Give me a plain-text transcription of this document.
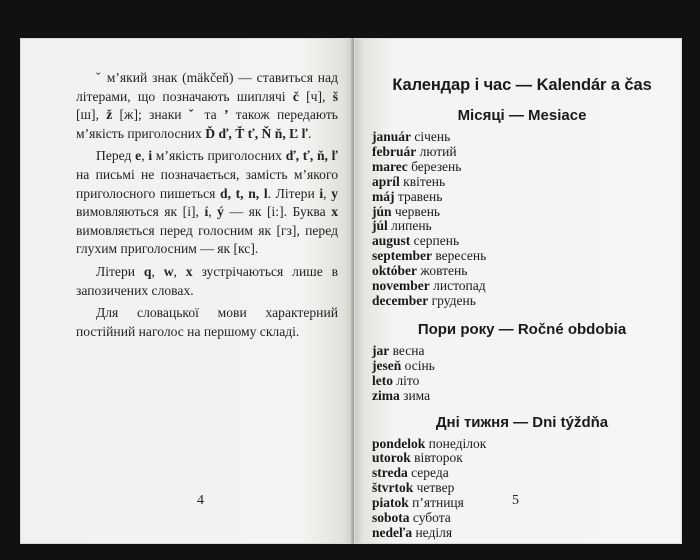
ˇ м’який знак (mäkčeň) — ставиться над літерами, що позначають шиплячі č [ч], š [ш], ž [ж]; знаки ˇ та ʼ також передають м’якість приголосних Ď ď, Ť ť, Ň ň, Ľ ľ.

Перед e, i м’якість приголосних ď, ť, ň, ľ на письмі не позначається, замість м’якого приголосного пишеться d, t, n, l. Літери i, y вимовляються як [і], í, ý — як [і:]. Буква x вимовляється перед голосним як [гз], перед глухим приголосним — як [кс].

Літери q, w, x зустрічаються лише в запозичених словах.

Для словацької мови характерний постійний наголос на першому складі.

4
Календар і час — Kalendár a čas
Місяці — Mesiace
január січень
február лютий
marec березень
apríl квітень
máj травень
jún червень
júl липень
august серпень
september вересень
október жовтень
november листопад
december грудень
Пори року — Ročné obdobia
jar весна
jeseň осінь
leto літо
zima зима
Дні тижня — Dni týždňa
pondelok понеділок
utorok вівторок
streda середа
štvrtok четвер
piatok п’ятниця
sobota субота
nedeľa неділя
5
